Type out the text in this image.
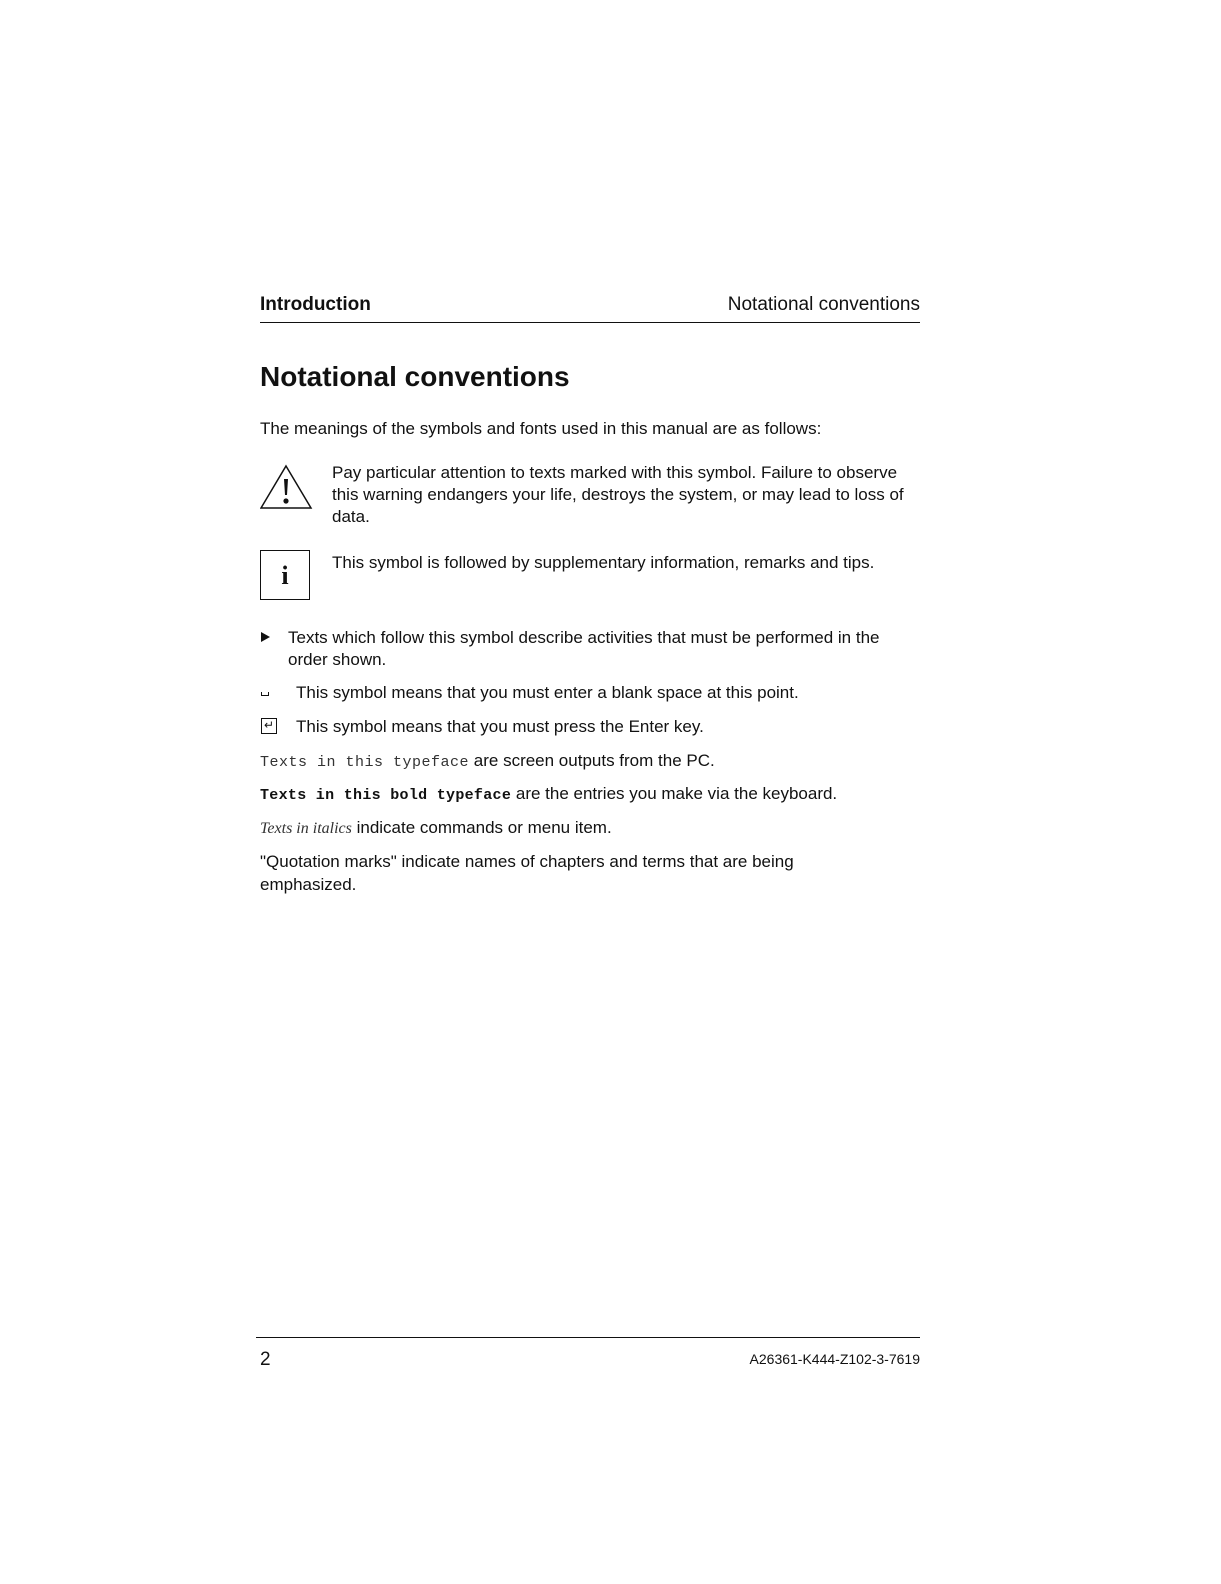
Introduction	Notational conventions
Notational conventions
The meanings of the symbols and fonts used in this manual are as follows:
Pay particular attention to texts marked with this symbol. Failure to observe this warning endangers your life, destroys the system, or may lead to loss of data.
i	This symbol is followed by supplementary information, remarks and tips.
Texts which follow this symbol describe activities that must be performed in the order shown.
This symbol means that you must enter a blank space at this point.
↵ This symbol means that you must press the Enter key.
Texts in this typeface are screen outputs from the PC.
Texts in this bold typeface are the entries you make via the keyboard.
Texts in italics indicate commands or menu item.
"Quotation marks" indicate names of chapters and terms that are being emphasized.
2	A26361-K444-Z102-3-7619
